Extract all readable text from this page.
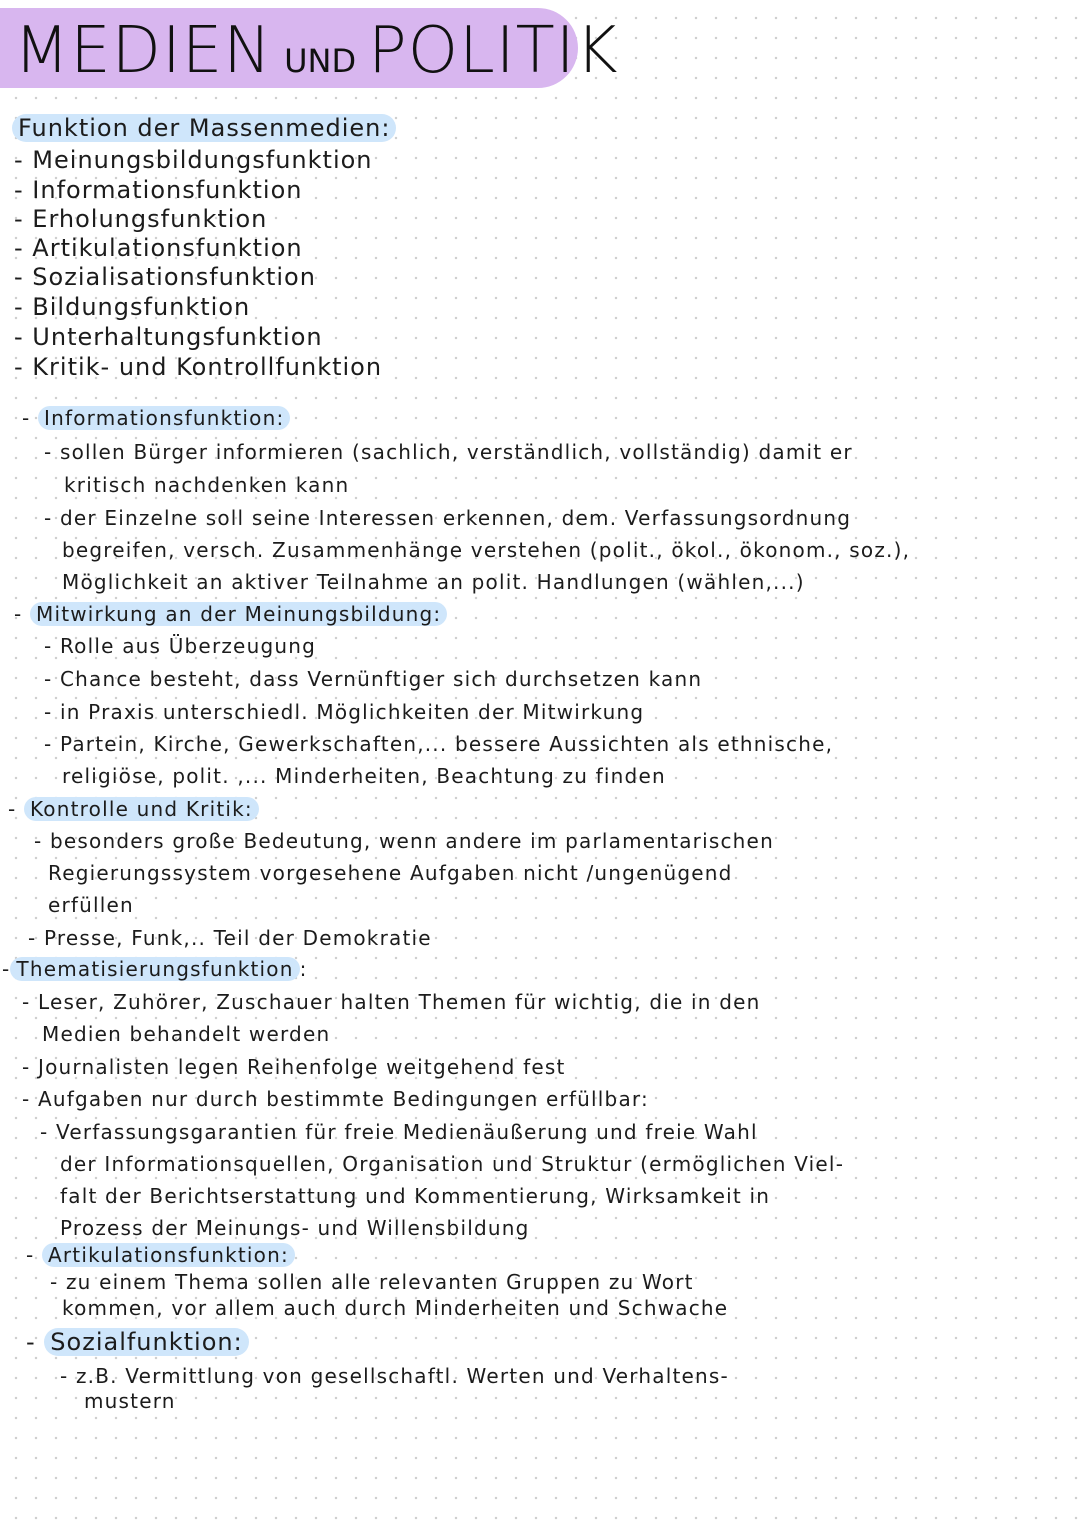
MEDIEN UND POLITIK
Funktion der Massenmedien:
- Meinungsbildungsfunktion
- Informationsfunktion
- Erholungsfunktion
- Artikulationsfunktion
- Sozialisationsfunktion
- Bildungsfunktion
- Unterhaltungsfunktion
- Kritik- und Kontrollfunktion
- Informationsfunktion:
- sollen Bürger informieren (sachlich, verständlich, vollständig) damit er
kritisch nachdenken kann
- der Einzelne soll seine Interessen erkennen, dem. Verfassungsordnung
begreifen, versch. Zusammenhänge verstehen (polit., ökol., ökonom., soz.),
Möglichkeit an aktiver Teilnahme an polit. Handlungen (wählen,...)
- Mitwirkung an der Meinungsbildung:
- Rolle aus Überzeugung
- Chance besteht, dass Vernünftiger sich durchsetzen kann
- in Praxis unterschiedl. Möglichkeiten der Mitwirkung
- Partein, Kirche, Gewerkschaften,... bessere Aussichten als ethnische,
religiöse, polit. ,... Minderheiten, Beachtung zu finden
- Kontrolle und Kritik:
- besonders große Bedeutung, wenn andere im parlamentarischen
Regierungssystem vorgesehene Aufgaben nicht /ungenügend
erfüllen
- Presse, Funk,.. Teil der Demokratie
- Thematisierungsfunktion :
- Leser, Zuhörer, Zuschauer halten Themen für wichtig, die in den
Medien behandelt werden
- Journalisten legen Reihenfolge weitgehend fest
- Aufgaben nur durch bestimmte Bedingungen erfüllbar:
- Verfassungsgarantien für freie Medienäußerung und freie Wahl
der Informationsquellen, Organisation und Struktur (ermöglichen Viel-
falt der Berichtserstattung und Kommentierung, Wirksamkeit in
Prozess der Meinungs- und Willensbildung
- Artikulationsfunktion:
- zu einem Thema sollen alle relevanten Gruppen zu Wort
kommen, vor allem auch durch Minderheiten und Schwache
- Sozialfunktion:
- z.B. Vermittlung von gesellschaftl. Werten und Verhaltens-
mustern
